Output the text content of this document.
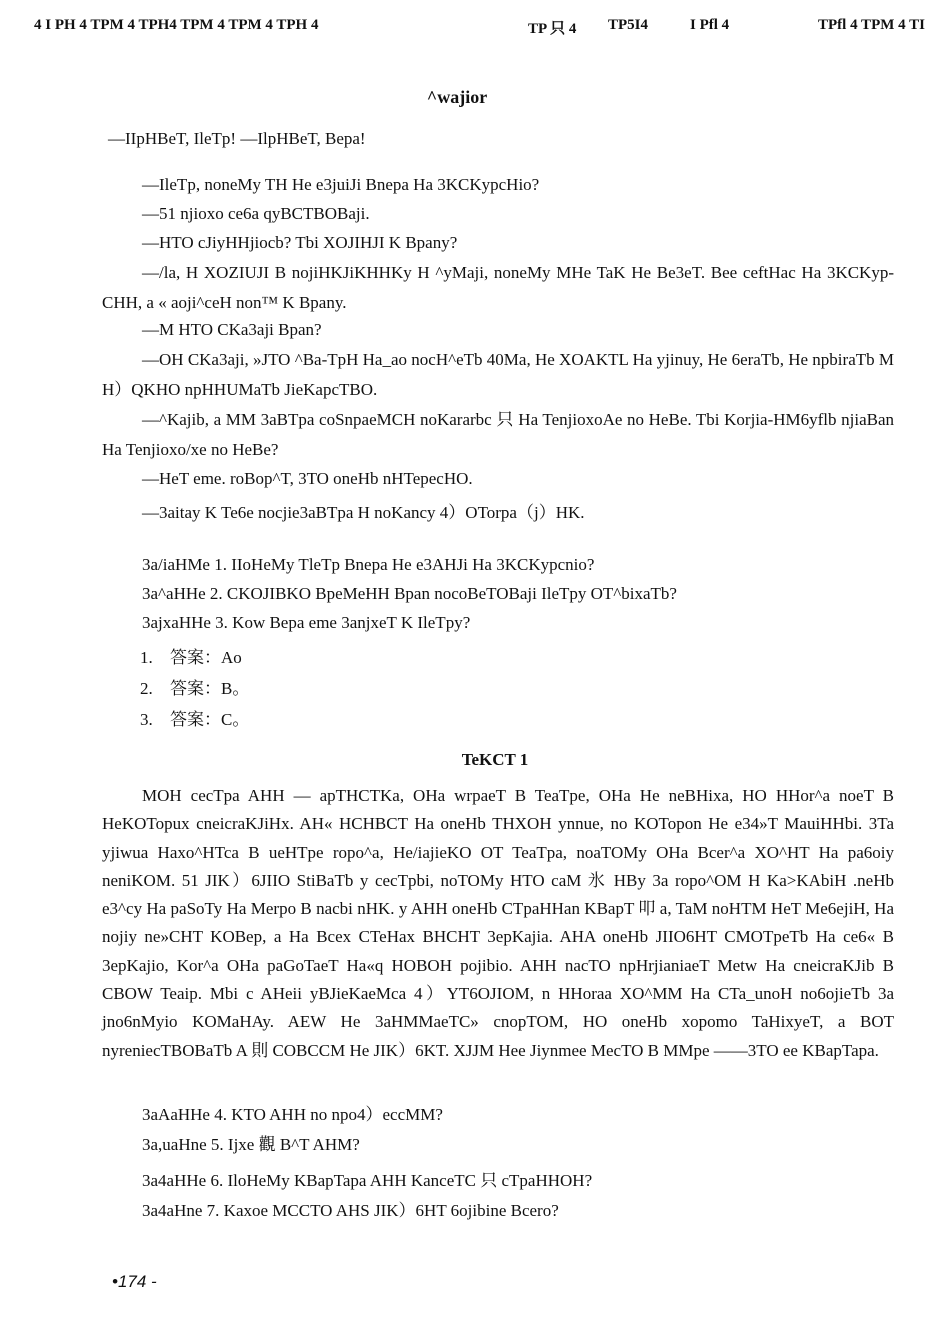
4 I PH 4 TPM 4 TPH4 TPM 4 TPM 4 TPH 4	TP 只 4 TP5I4	I Pfl 4	TPfl 4 TPM 4 TI
^wajior
—IIpHBeT, IleTp! —IlpHBeT, Bepa!
—IleTp, noneMy TH He e3juiJi Bnepa Ha 3KCKypcHio?
—51 njioxo ce6a qyBCTBOBaji.
—HTO cJiyHHjiocb? Tbi XOJIHJI K Bpany?
—/la, H XOZIUJI B nojiHKJiKHHKy H ^yMaji, noneMy MHe TaK He Be3eT. Bee ceftHac Ha 3KCKyp- CHH, a « aoji^ceH non™ K Bpany.
—M HTO CKa3aji Bpan?
—OH CKa3aji, »JTO ^Ba-TpH Ha_ao nocH^eTb 40Ma, He XOAKTL Ha yjinuy, He 6eraTb, He npbiraTb M H）QKHO npHHUMaTb JieKapcTBO.
—^Kajib, a MM 3aBTpa coSnpaeMCH noKararbc 只 Ha TenjioxoAe no HeBe. Tbi Korjia-HM6yflb njiaBan Ha Tenjioxo/xe no HeBe?
—HeT eme. roBop^T, 3TO oneHb nHTepecHO.
—3aitay K Te6e nocjie3aBTpa H noKancy 4）OTorpa（j）HK.
3a/iaHMe 1. IIoHeMy TleTp Bnepa He e3AHJi Ha 3KCKypcnio?
3a^aHHe 2. CKOJIBKO BpeMeHH Bpan nocoBeTOBaji IleTpy OT^bixaTb?
3ajxaHHe 3. Kow Bepa eme 3anjxeT K IleTpy?
1. 答案：Ao
2. 答案：B。
3. 答案：C。
TeKCT 1
MOH cecTpa AHH — apTHCTKa, OHa wrpaeT B TeaTpe, OHa He neBHixa, HO HHor^a noeT B HeKOTopux cneicraKJiHx. AH« HCHBCT Ha oneHb THXOH ynnue, no KOTopon He e34»T MauiHHbi. 3Ta yjiwua Haxo^HTca B ueHTpe ropo^a, He/iajieKO OT TeaTpa, noaTOMy OHa Bcer^a XO^HT Ha pa6oiy neniKOM. 51 JIK）6JIIO StiBaTb y cecTpbi, noTOMy HTO caM 氷 HBy 3a ropo^OM H Ka>KAbiH .neHb e3^cy Ha paSoTy Ha Merpo B nacbi nHK. y AHH oneHb CTpaHHan KBapT 叩 a, TaM noHTM HeT Me6ejiH, Ha nojiy ne»CHT KOBep, a Ha Bcex CTeHax BHCHT 3epKajia. AHA oneHb JIIO6HT CMOTpeTb Ha ce6« B 3epKajio, Kor^a OHa paGoTaeT Ha«q HOBOH pojibio. AHH nacTO npHrjianiaeT Metw Ha cneicraKJib B CBOW Teaip. Mbi c AHeii yBJieKaeMca 4）YT6OJIOM, n HHoraa XO^MM Ha CTa_unoH no6ojieTb 3a jno6nMyio KOMaHAy. AEW He 3aHMMaeTC» cnopTOM, HO oneHb xopomo TaHixyeT, a BOT nyreniecTBOBaTb A 則 COBCCM He JIK）6KT. XJJM Hee Jiynmee MecTO B MMpe ——3TO ee KBapTapa.
3aAaHHe 4. KTO AHH no npo4）eccMM?
3a,uaHne 5. Ijxe 觀 B^T AHM?
3a4aHHe 6. IloHeMy KBapTapa AHH KancеTC 只 cTpaHHOH?
3a4aHne 7. Kaxoe MCCTO AHS JIK）6HT 6ojibine Bcero?
•174 -
